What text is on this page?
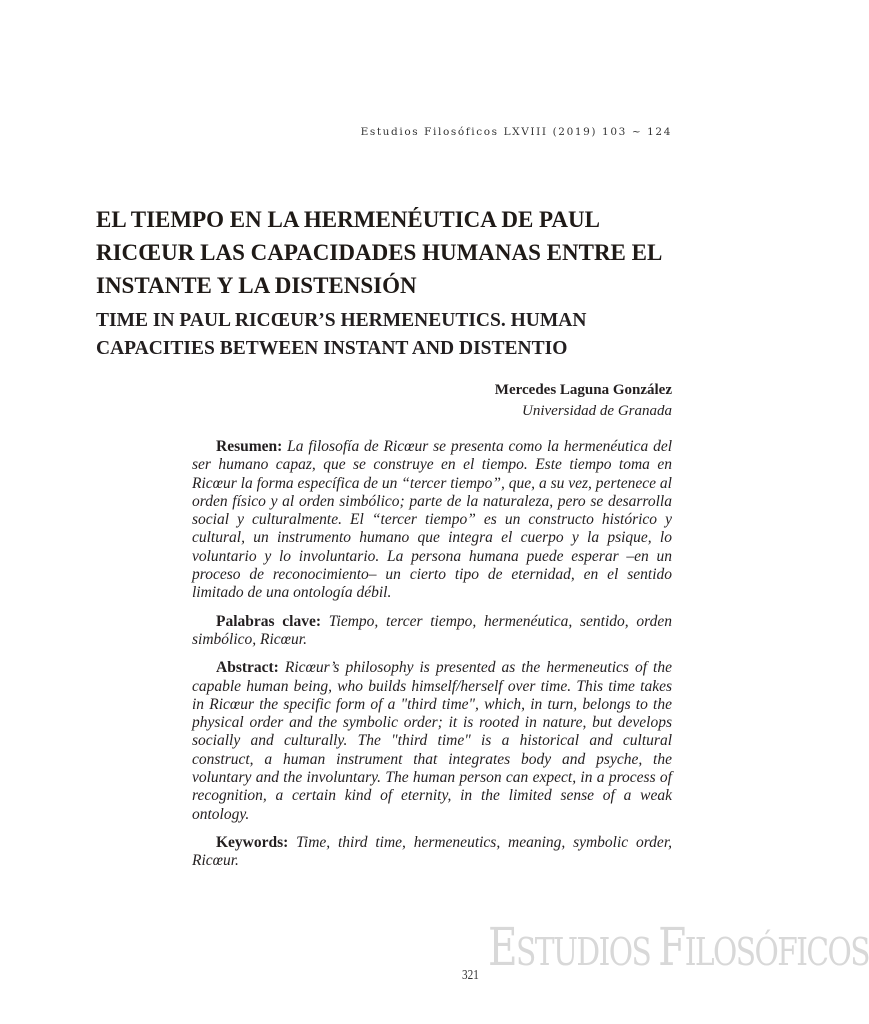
Estudios Filosóficos LXVIII (2019) 103 ~ 124
EL TIEMPO EN LA HERMENÉUTICA DE PAUL RICŒUR LAS CAPACIDADES HUMANAS ENTRE EL INSTANTE Y LA DISTENSIÓN
TIME IN PAUL RICŒUR’S HERMENEUTICS. HUMAN CAPACITIES BETWEEN INSTANT AND DISTENTIO
Mercedes Laguna González
Universidad de Granada

Resumen: La filosofía de Ricœur se presenta como la hermenéutica del ser humano capaz, que se construye en el tiempo. Este tiempo toma en Ricœur la forma específica de un “tercer tiempo”, que, a su vez, pertenece al orden físico y al orden simbólico; parte de la naturaleza, pero se desarrolla social y culturalmente. El “tercer tiempo” es un constructo histórico y cultural, un instrumento humano que integra el cuerpo y la psique, lo voluntario y lo involuntario. La persona humana puede esperar –en un proceso de reconocimiento– un cierto tipo de eternidad, en el sentido limitado de una ontología débil.

Palabras clave: Tiempo, tercer tiempo, hermenéutica, sentido, orden simbólico, Ricœur.

Abstract: Ricœur’s philosophy is presented as the hermeneutics of the capable human being, who builds himself/herself over time. This time takes in Ricœur the specific form of a "third time", which, in turn, belongs to the physical order and the symbolic order; it is rooted in nature, but develops socially and culturally. The "third time" is a historical and cultural construct, a human instrument that integrates body and psyche, the voluntary and the involuntary. The human person can expect, in a process of recognition, a certain kind of eternity, in the limited sense of a weak ontology.

Keywords: Time, third time, hermeneutics, meaning, symbolic order, Ricœur.

321 ESTUDIOS FILOSÓFICOS
